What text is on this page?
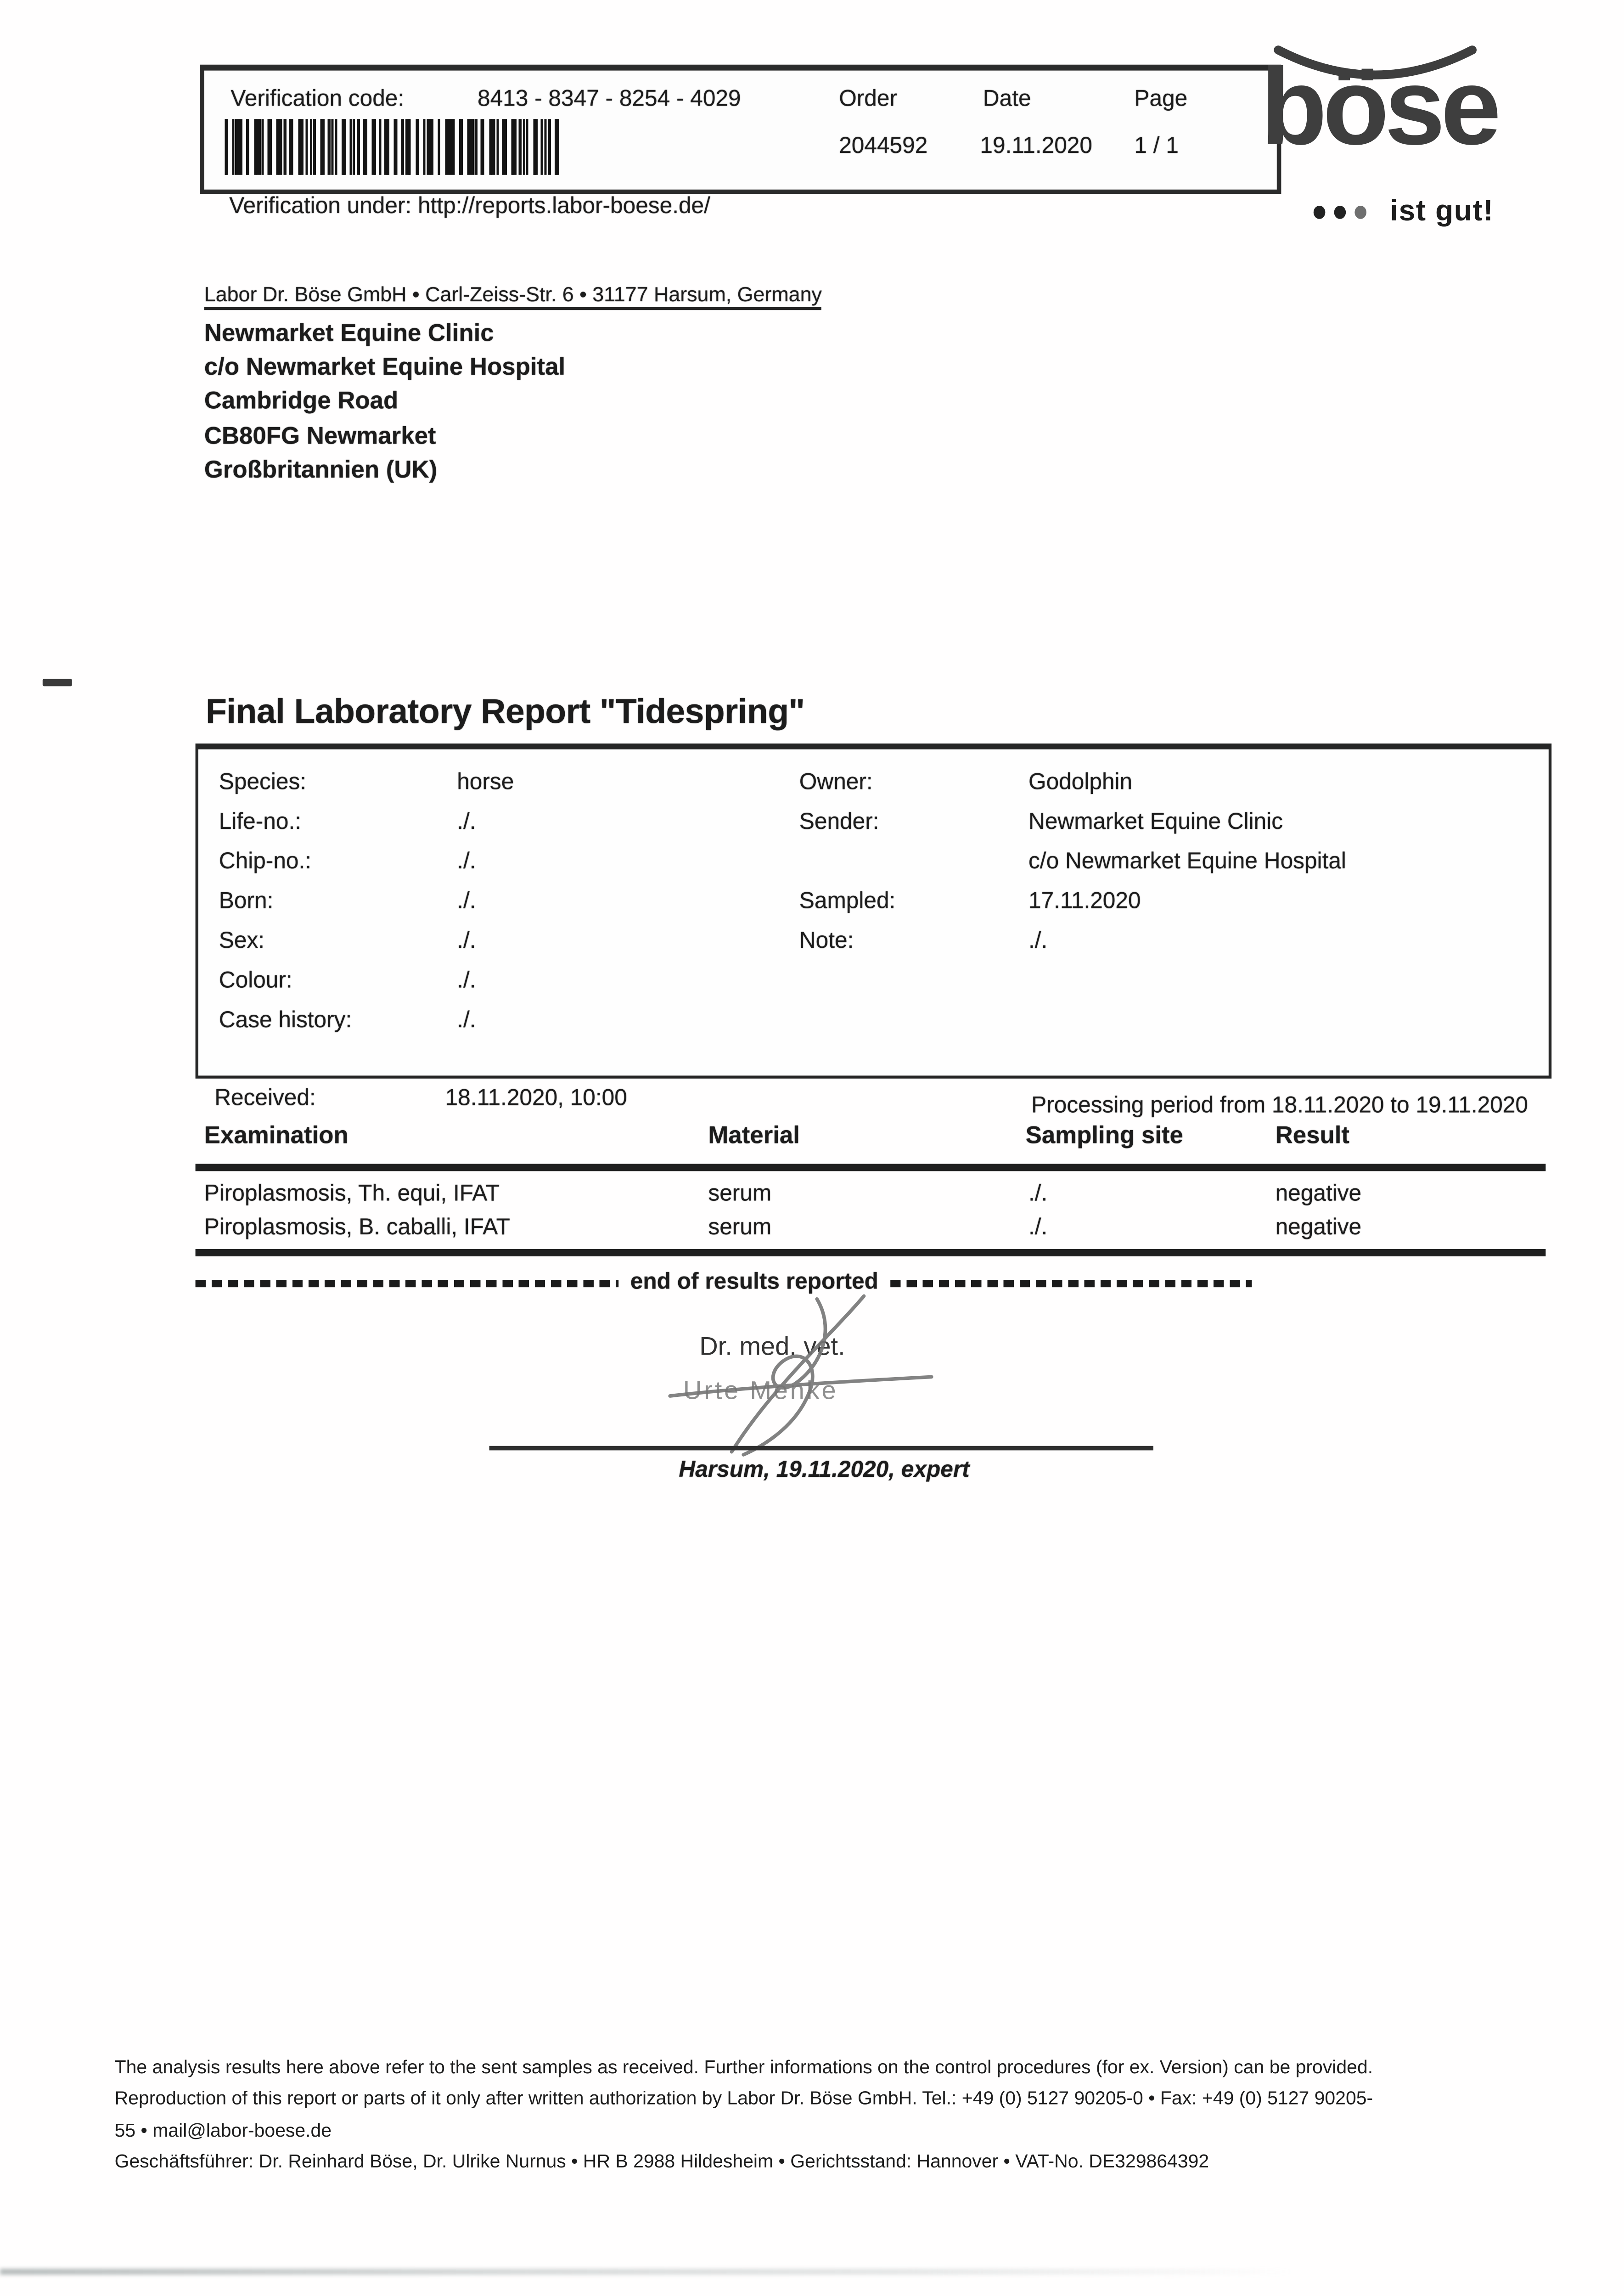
Verification code:	8413 - 8347 - 8254 - 4029	Order	Date	Page
2044592	19.11.2020	1 / 1 böse
ist gut!
Verification under: http://reports.labor-boese.de/
Labor Dr. Böse GmbH • Carl-Zeiss-Str. 6 • 31177 Harsum, Germany
Newmarket Equine Clinic
c/o Newmarket Equine Hospital
Cambridge Road
CB80FG Newmarket
Großbritannien (UK)
Final Laboratory Report "Tidespring"
Species:	horse
Life-no.:	./.
Chip-no.:	./.
Born:	./.
Sex:	./.
Colour:	./.
Case history:	./.
Owner:	Godolphin
Sender:	Newmarket Equine Clinic
c/o Newmarket Equine Hospital
Sampled:	17.11.2020
Note:	./.
Received:	18.11.2020, 10:00	Processing period from 18.11.2020 to 19.11.2020
Examination	Material	Sampling site	Result
Piroplasmosis, Th. equi, IFAT	serum	./.	negative
Piroplasmosis, B. caballi, IFAT	serum	./.	negative
end of results reported
Dr. med. vet.
Urte Menke
Harsum, 19.11.2020, expert
The analysis results here above refer to the sent samples as received. Further informations on the control procedures (for ex. Version) can be provided.
Reproduction of this report or parts of it only after written authorization by Labor Dr. Böse GmbH. Tel.: +49 (0) 5127 90205-0 • Fax: +49 (0) 5127 90205-
55 • mail@labor-boese.de
Geschäftsführer: Dr. Reinhard Böse, Dr. Ulrike Nurnus • HR B 2988 Hildesheim • Gerichtsstand: Hannover • VAT-No. DE329864392
